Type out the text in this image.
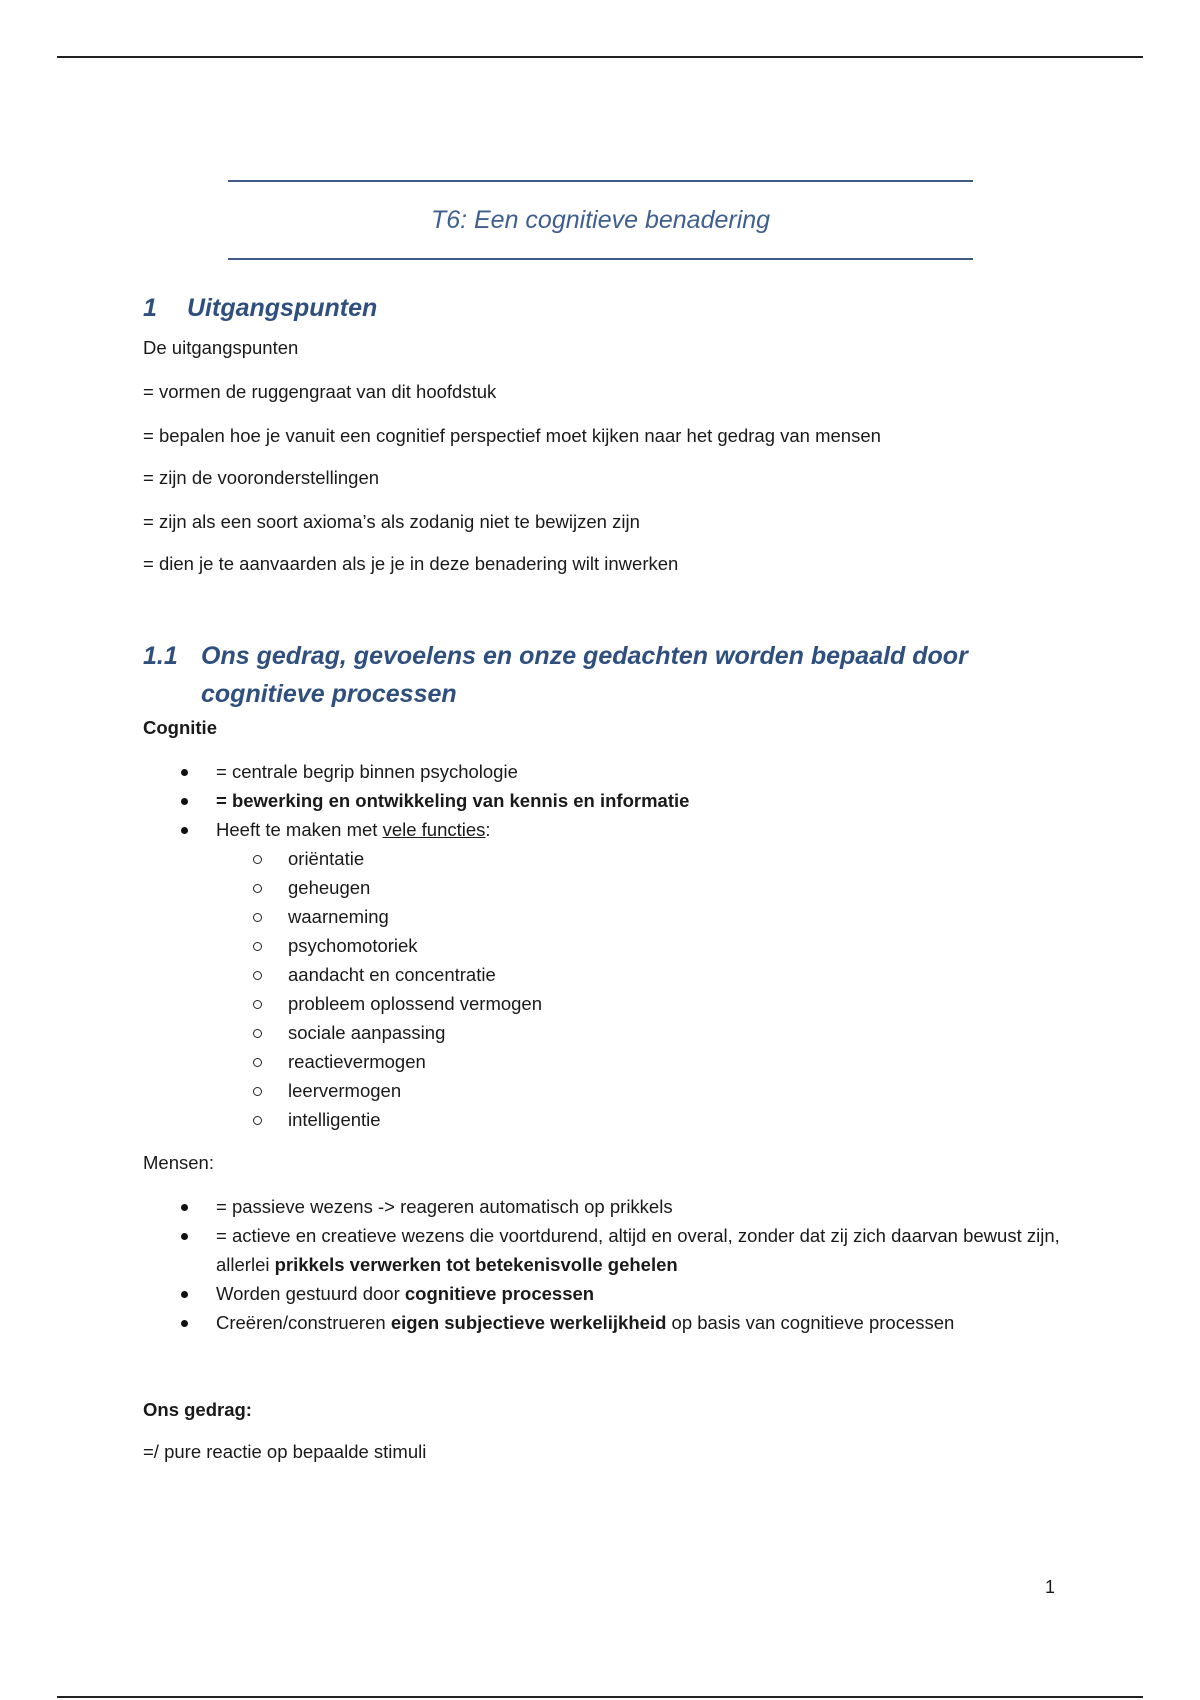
T6: Een cognitieve benadering
1 Uitgangspunten

De uitgangspunten

= vormen de ruggengraat van dit hoofdstuk

= bepalen hoe je vanuit een cognitief perspectief moet kijken naar het gedrag van mensen

= zijn de vooronderstellingen

= zijn als een soort axioma’s als zodanig niet te bewijzen zijn

= dien je te aanvaarden als je je in deze benadering wilt inwerken

1.1 Ons gedrag, gevoelens en onze gedachten worden bepaald door cognitieve processen

Cognitie

= centrale begrip binnen psychologie
= bewerking en ontwikkeling van kennis en informatie
Heeft te maken met vele functies:
oriëntatie
geheugen
waarneming
psychomotoriek
aandacht en concentratie
probleem oplossend vermogen
sociale aanpassing
reactievermogen
leervermogen
intelligentie

Mensen:

= passieve wezens -> reageren automatisch op prikkels
= actieve en creatieve wezens die voortdurend, altijd en overal, zonder dat zij zich daarvan bewust zijn, allerlei prikkels verwerken tot betekenisvolle gehelen
Worden gestuurd door cognitieve processen
Creëren/construeren eigen subjectieve werkelijkheid op basis van cognitieve processen

Ons gedrag:

=/ pure reactie op bepaalde stimuli

1
